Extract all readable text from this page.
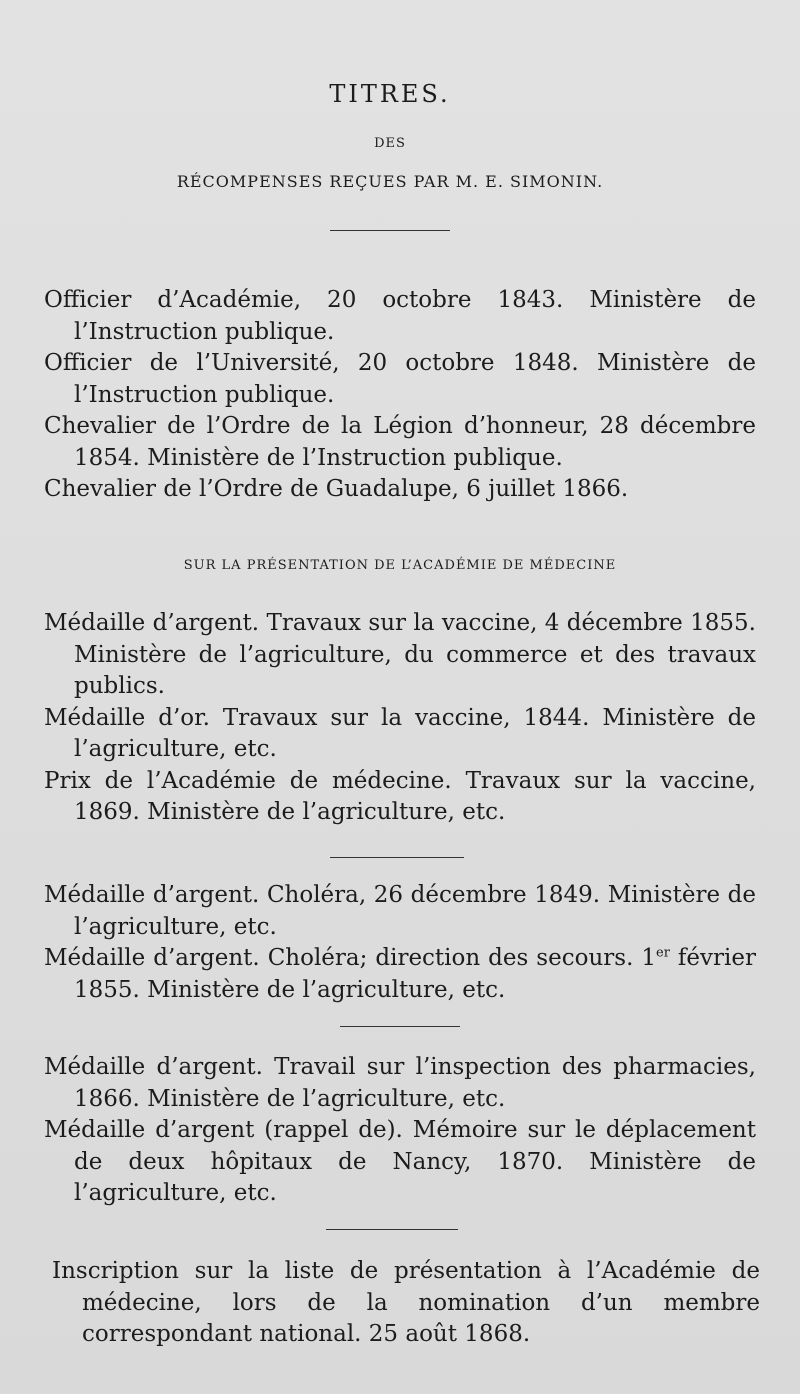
TITRES.
DES
RÉCOMPENSES REÇUES PAR M. E. SIMONIN.

Officier d’Académie, 20 octobre 1843. Ministère de l’Instruction publique.

Officier de l’Université, 20 octobre 1848. Ministère de l’Instruction publique.

Chevalier de l’Ordre de la Légion d’honneur, 28 décembre 1854. Ministère de l’Instruction publique.

Chevalier de l’Ordre de Guadalupe, 6 juillet 1866.

SUR LA PRÉSENTATION DE L’ACADÉMIE DE MÉDECINE

Médaille d’argent. Travaux sur la vaccine, 4 décembre 1855. Ministère de l’agriculture, du commerce et des travaux publics.

Médaille d’or. Travaux sur la vaccine, 1844. Ministère de l’agriculture, etc.

Prix de l’Académie de médecine. Travaux sur la vaccine, 1869. Ministère de l’agriculture, etc.

Médaille d’argent. Choléra, 26 décembre 1849. Ministère de l’agriculture, etc.

Médaille d’argent. Choléra; direction des secours. 1er février 1855. Ministère de l’agriculture, etc.

Médaille d’argent. Travail sur l’inspection des pharmacies, 1866. Ministère de l’agriculture, etc.

Médaille d’argent (rappel de). Mémoire sur le déplacement de deux hôpitaux de Nancy, 1870. Ministère de l’agriculture, etc.

Inscription sur la liste de présentation à l’Académie de médecine, lors de la nomination d’un membre correspondant national. 25 août 1868.
